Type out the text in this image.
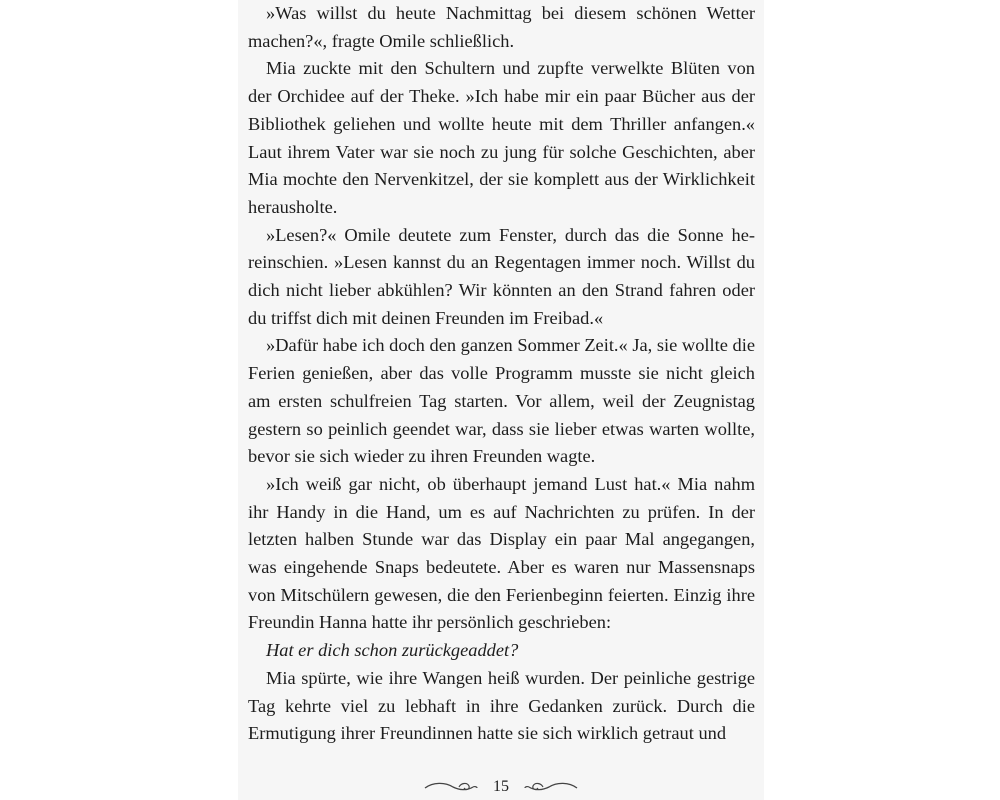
»Was willst du heute Nachmittag bei diesem schönen Wetter machen?«, fragte Omile schließlich.

Mia zuckte mit den Schultern und zupfte verwelkte Blüten von der Orchidee auf der Theke. »Ich habe mir ein paar Bücher aus der Bibliothek geliehen und wollte heute mit dem Thriller anfangen.« Laut ihrem Vater war sie noch zu jung für solche Geschichten, aber Mia mochte den Nervenkitzel, der sie komplett aus der Wirklichkeit herausholte.

»Lesen?« Omile deutete zum Fenster, durch das die Sonne hereinschien. »Lesen kannst du an Regentagen immer noch. Willst du dich nicht lieber abkühlen? Wir könnten an den Strand fahren oder du triffst dich mit deinen Freunden im Freibad.«

»Dafür habe ich doch den ganzen Sommer Zeit.« Ja, sie wollte die Ferien genießen, aber das volle Programm musste sie nicht gleich am ersten schulfreien Tag starten. Vor allem, weil der Zeugnistag gestern so peinlich geendet war, dass sie lieber etwas warten wollte, bevor sie sich wieder zu ihren Freunden wagte.

»Ich weiß gar nicht, ob überhaupt jemand Lust hat.« Mia nahm ihr Handy in die Hand, um es auf Nachrichten zu prüfen. In der letzten halben Stunde war das Display ein paar Mal angegangen, was eingehende Snaps bedeutete. Aber es waren nur Massensnaps von Mitschülern gewesen, die den Ferienbeginn feierten. Einzig ihre Freundin Hanna hatte ihr persönlich geschrieben:

Hat er dich schon zurückgeaddet?

Mia spürte, wie ihre Wangen heiß wurden. Der peinliche gestrige Tag kehrte viel zu lebhaft in ihre Gedanken zurück. Durch die Ermutigung ihrer Freundinnen hatte sie sich wirklich getraut und

15
